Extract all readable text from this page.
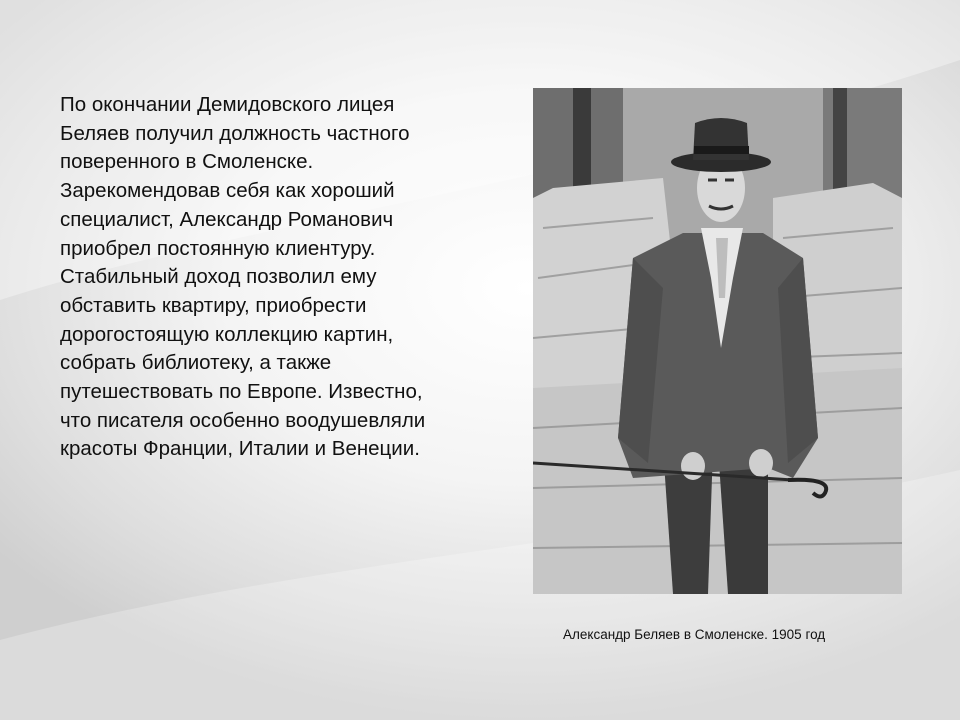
По окончании Демидовского лицея Беляев получил должность частного поверенного в Смоленске. Зарекомендовав себя как хороший специалист, Александр Романович приобрел постоянную клиентуру. Стабильный доход позволил ему обставить квартиру, приобрести дорогостоящую коллекцию картин, собрать библиотеку, а также путешествовать по Европе. Известно, что писателя особенно воодушевляли красоты Франции, Италии и Венеции.

Александр Беляев в Смоленске. 1905 год
